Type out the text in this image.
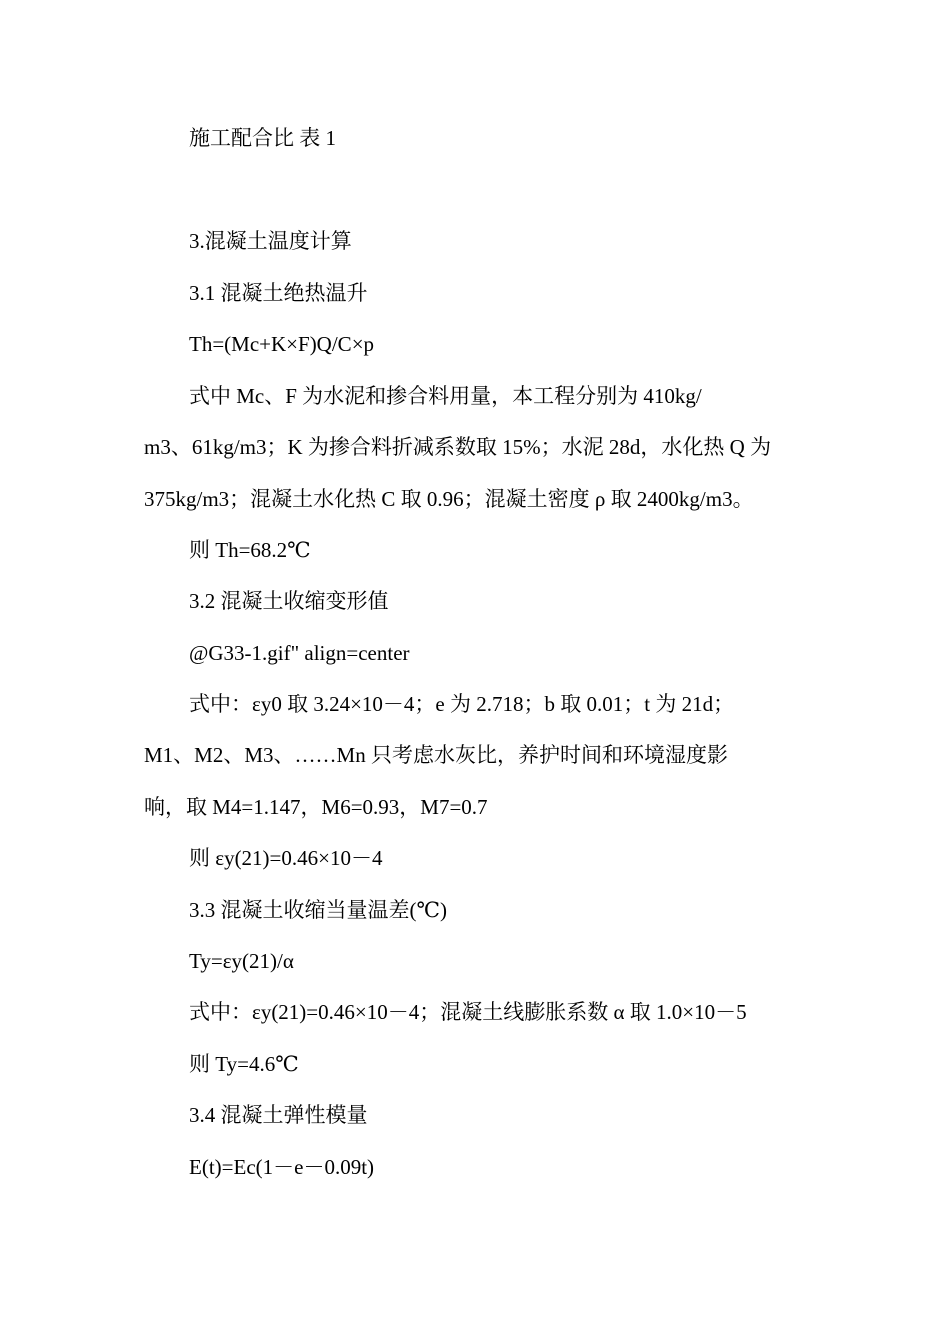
施工配合比 表 1
3.混凝土温度计算
3.1 混凝土绝热温升
Th=(Mc+K×F)Q/C×p
式中 Mc、F 为水泥和掺合料用量，本工程分别为 410kg/
m3、61kg/m3；K 为掺合料折减系数取 15%；水泥 28d，水化热 Q 为
375kg/m3；混凝土水化热 C 取 0.96；混凝土密度 ρ 取 2400kg/m3。
则 Th=68.2℃
3.2 混凝土收缩变形值
@G33-1.gif" align=center
式中：εy0 取 3.24×10－4；e 为 2.718；b 取 0.01；t 为 21d；
M1、M2、M3、……Mn 只考虑水灰比，养护时间和环境湿度影
响，取 M4=1.147，M6=0.93，M7=0.7
则 εy(21)=0.46×10－4
3.3 混凝土收缩当量温差(℃)
Ty=εy(21)/α
式中：εy(21)=0.46×10－4；混凝土线膨胀系数 α 取 1.0×10－5
则 Ty=4.6℃
3.4 混凝土弹性模量
E(t)=Ec(1－e－0.09t)
